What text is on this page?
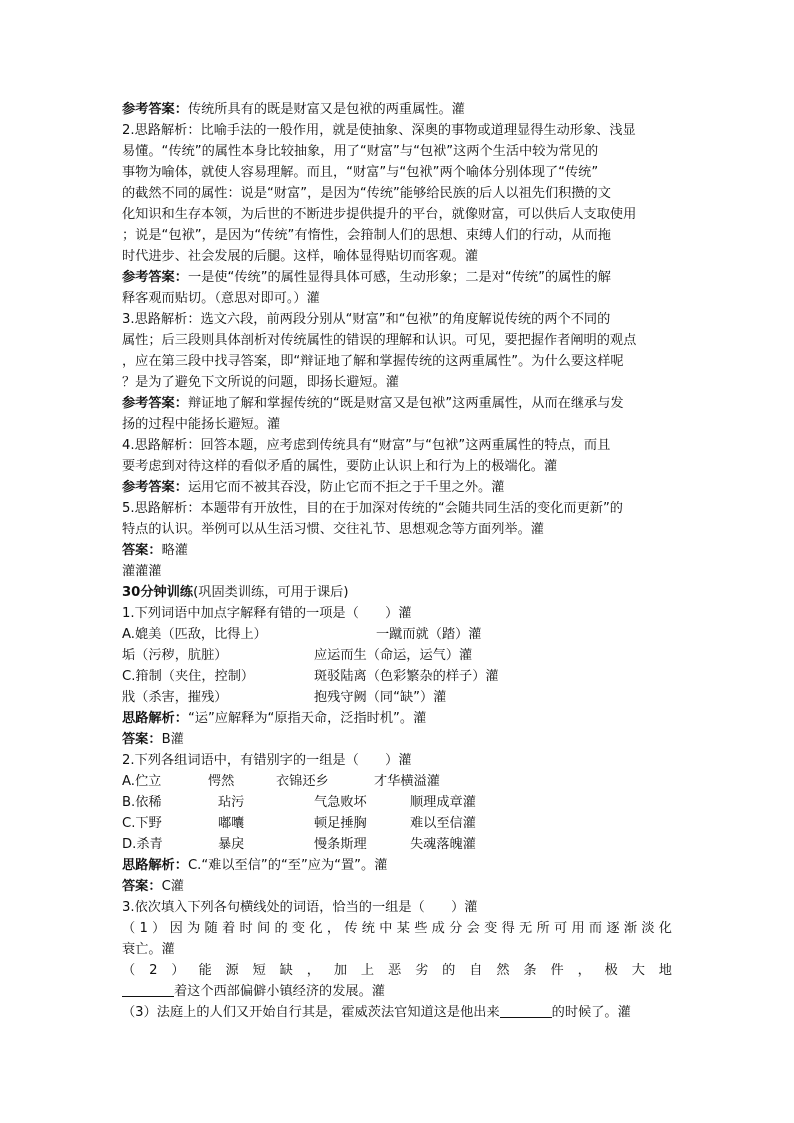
参考答案：传统所具有的既是财富又是包袱的两重属性。灌
2.思路解析：比喻手法的一般作用，就是使抽象、深奥的事物或道理显得生动形象、浅显
易懂。“传统”的属性本身比较抽象，用了“财富”与“包袱”这两个生活中较为常见的
事物为喻体，就使人容易理解。而且，“财富”与“包袱”两个喻体分别体现了“传统”
的截然不同的属性：说是“财富”，是因为“传统”能够给民族的后人以祖先们积攒的文
化知识和生存本领，为后世的不断进步提供提升的平台，就像财富，可以供后人支取使用
；说是“包袱”，是因为“传统”有惰性，会箝制人们的思想、束缚人们的行动，从而拖
时代进步、社会发展的后腿。这样，喻体显得贴切而客观。灌
参考答案：一是使“传统”的属性显得具体可感，生动形象；二是对“传统”的属性的解
释客观而贴切。（意思对即可。）灌
3.思路解析：选文六段，前两段分别从“财富”和“包袱”的角度解说传统的两个不同的
属性；后三段则具体剖析对传统属性的错误的理解和认识。可见，要把握作者阐明的观点
，应在第三段中找寻答案，即“辩证地了解和掌握传统的这两重属性”。为什么要这样呢
？是为了避免下文所说的问题，即扬长避短。灌
参考答案：辩证地了解和掌握传统的“既是财富又是包袱”这两重属性，从而在继承与发
扬的过程中能扬长避短。灌
4.思路解析：回答本题，应考虑到传统具有“财富”与“包袱”这两重属性的特点，而且
要考虑到对待这样的看似矛盾的属性，要防止认识上和行为上的极端化。灌
参考答案：运用它而不被其吞没，防止它而不拒之于千里之外。灌
5.思路解析：本题带有开放性，目的在于加深对传统的“会随共同生活的变化而更新”的
特点的认识。举例可以从生活习惯、交往礼节、思想观念等方面列举。灌
答案：略灌
灌灌灌
30分钟训练(巩固类训练，可用于课后)
1.下列词语中加点字解释有错的一项是（　　）灌
A.媲美（匹敌，比得上）	一蹴而就（踏）灌
垢（污秽，肮脏）	应运而生（命运，运气）灌
C.箝制（夹住，控制）	斑驳陆离（色彩繁杂的样子）灌
戕（杀害，摧残）	抱残守阙（同“缺”）灌
思路解析：“运”应解释为“原指天命，泛指时机”。灌
答案：B灌
2.下列各组词语中，有错别字的一组是（　　）灌
A.伫立	愕然	衣锦还乡	才华横溢灌
B.依稀	玷污	气急败坏	顺理成章灌
C.下野	嘟囔	顿足捶胸	难以至信灌
D.杀青	暴戾	慢条斯理	失魂落魄灌
思路解析：C.“难以至信”的“至”应为“置”。灌
答案：C灌
3.依次填入下列各句横线处的词语，恰当的一组是（　　）灌
（1）因为随着时间的变化，传统中某些成分会变得无所可用而逐渐淡化
衰亡。灌
（2）能源短缺，加上恶劣的自然条件，极大地
着这个西部偏僻小镇经济的发展。灌
（3）法庭上的人们又开始自行其是，霍威茨法官知道这是他出来	的时候了。灌
